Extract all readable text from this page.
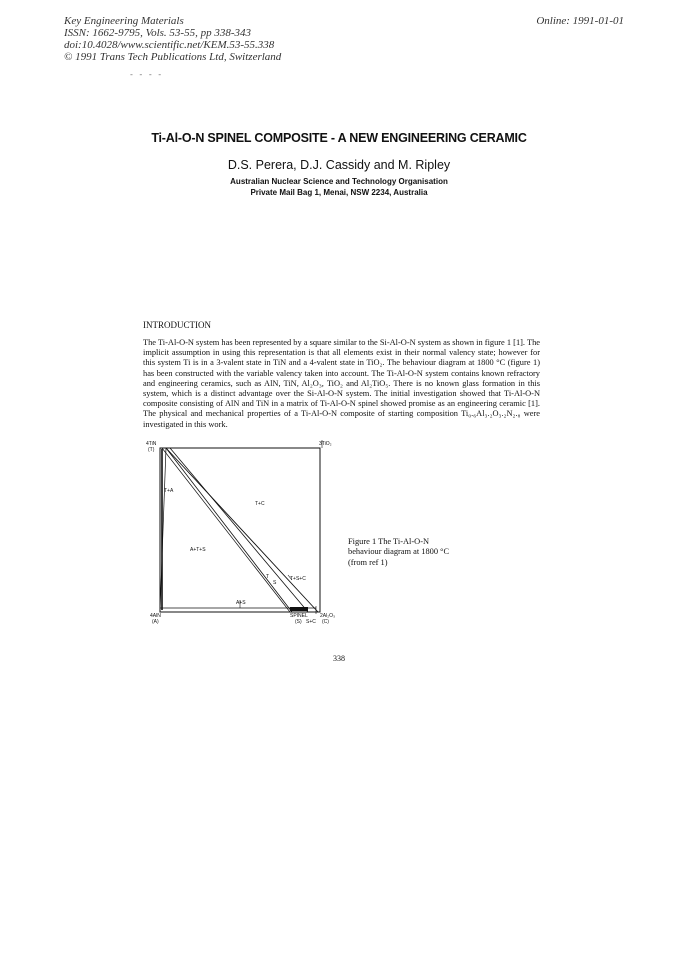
Key Engineering Materials
ISSN: 1662-9795, Vols. 53-55, pp 338-343
doi:10.4028/www.scientific.net/KEM.53-55.338
© 1991 Trans Tech Publications Ltd, Switzerland
Online: 1991-01-01
- - - -
Ti-Al-O-N SPINEL COMPOSITE - A NEW ENGINEERING CERAMIC
D.S. Perera, D.J. Cassidy and M. Ripley
Australian Nuclear Science and Technology Organisation
Private Mail Bag 1, Menai, NSW 2234, Australia
INTRODUCTION
The Ti-Al-O-N system has been represented by a square similar to the Si-Al-O-N system as shown in figure 1 [1]. The implicit assumption in using this representation is that all elements exist in their normal valency state; however for this system Ti is in a 3-valent state in TiN and a 4-valent state in TiO₂. The behaviour diagram at 1800 °C (figure 1) has been constructed with the variable valency taken into account. The Ti-Al-O-N system contains known refractory and engineering ceramics, such as AlN, TiN, Al₂O₃, TiO₂ and Al₂TiO₅. There is no known glass formation in this system, which is a distinct advantage over the Si-Al-O-N system. The initial investigation showed that Ti-Al-O-N composite consisting of AlN and TiN in a matrix of Ti-Al-O-N spinel showed promise as an engineering ceramic [1]. The physical and mechanical properties of a Ti-Al-O-N composite of starting composition Ti₀.₆Al₃.₂O₃.₂N₂.₈ were investigated in this work.
4TiN
(T)
3TiO₂
4AlN
(A)
T+A
T+C
A+T+S
T
S
T+S+C
A+S
SPINEL
(S) S+C
2Al₂O₃
(C)
Figure 1 The Ti-Al-O-N
behaviour diagram at 1800 °C
(from ref 1)
338
